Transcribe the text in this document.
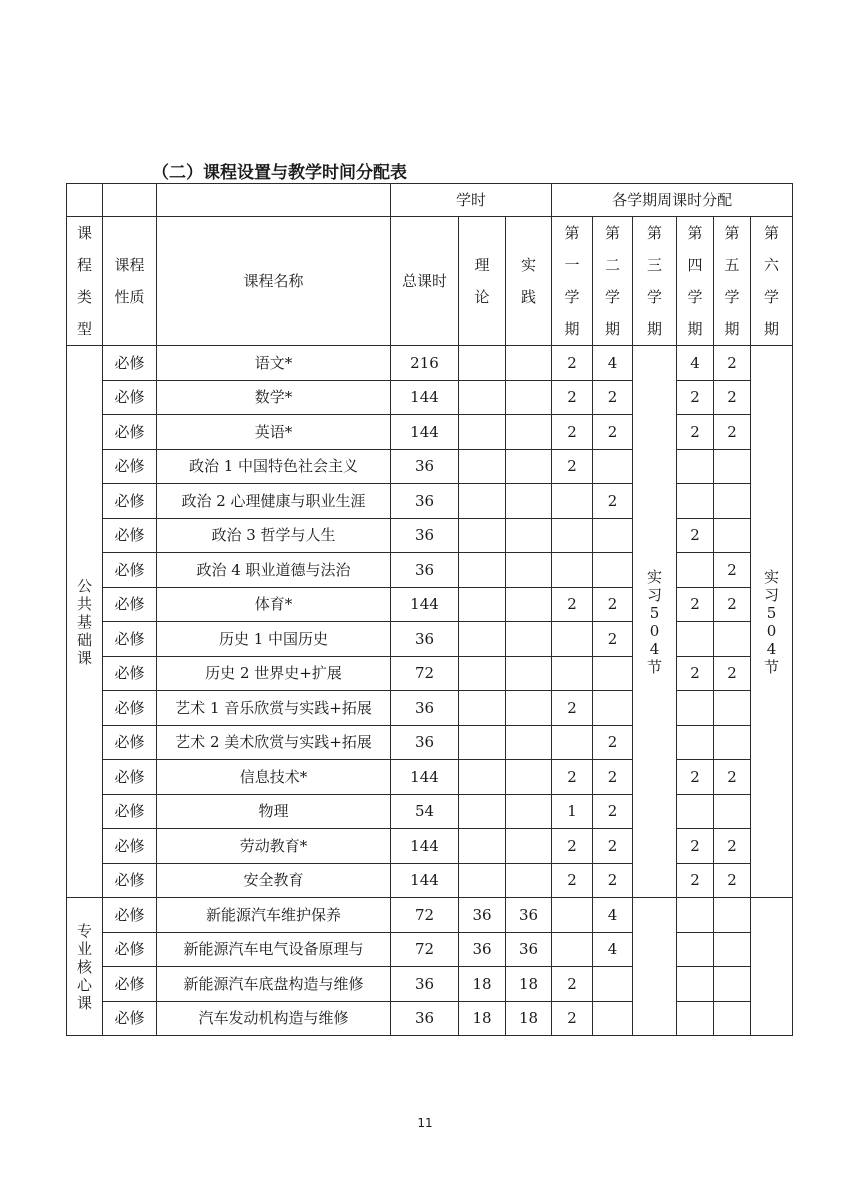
（二）课程设置与教学时间分配表
			学时			各学期周课时分配					

课程类型	课程性质	课程名称	总课时	理论	实践	第一学期	第二学期	第三学期	第四学期	第五学期	第六学期

公共基础课	必修	语文*	216			2	4	实习504节	4	2	实习504节

	必修	数学*	144			2	2		2	2	
	必修	英语*	144			2	2		2	2	
	必修	政治 1 中国特色社会主义	36			2					
	必修	政治 2 心理健康与职业生涯	36				2				
	必修	政治 3 哲学与人生	36						2		
	必修	政治 4 职业道德与法治	36							2	
	必修	体育*	144			2	2		2	2	
	必修	历史 1 中国历史	36				2				
	必修	历史 2 世界史+扩展	72						2	2	
	必修	艺术 1 音乐欣赏与实践+拓展	36			2					
	必修	艺术 2 美术欣赏与实践+拓展	36				2				
	必修	信息技术*	144			2	2		2	2	
	必修	物理	54			1	2				
	必修	劳动教育*	144			2	2		2	2	
	必修	安全教育	144			2	2		2	2	

专业核心课	必修	新能源汽车维护保养	72	36	36		4				
	必修	新能源汽车电气设备原理与	72	36	36		4				
	必修	新能源汽车底盘构造与维修	36	18	18	2					
	必修	汽车发动机构造与维修	36	18	18	2					
11
